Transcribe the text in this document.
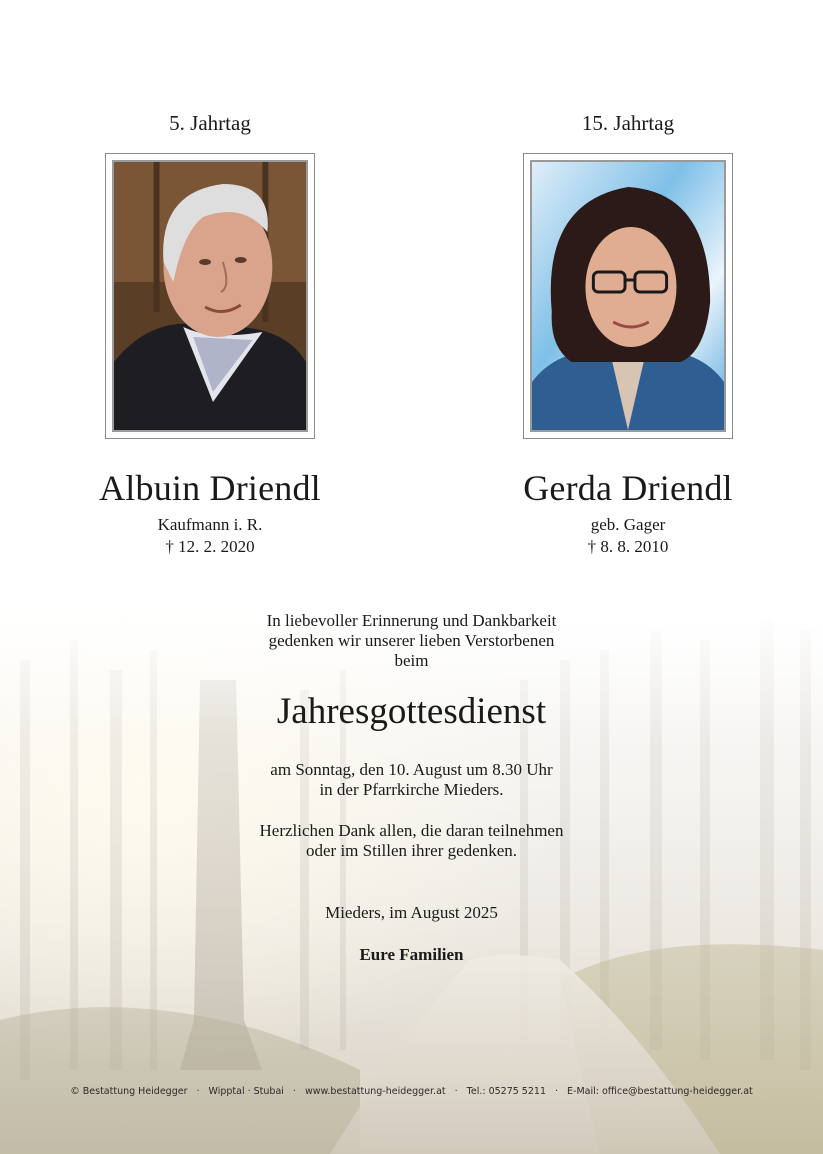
5. Jahrtag
Albuin Driendl
Kaufmann i. R.
† 12. 2. 2020
15. Jahrtag
Gerda Driendl
geb. Gager
† 8. 8. 2010
In liebevoller Erinnerung und Dankbarkeit
gedenken wir unserer lieben Verstorbenen
beim
Jahresgottesdienst
am Sonntag, den 10. August um 8.30 Uhr
in der Pfarrkirche Mieders.
Herzlichen Dank allen, die daran teilnehmen
oder im Stillen ihrer gedenken.
Mieders, im August 2025
Eure Familien
© Bestattung Heidegger · Wipptal · Stubai · www.bestattung-heidegger.at · Tel.: 05275 5211 · E-Mail: office@bestattung-heidegger.at
